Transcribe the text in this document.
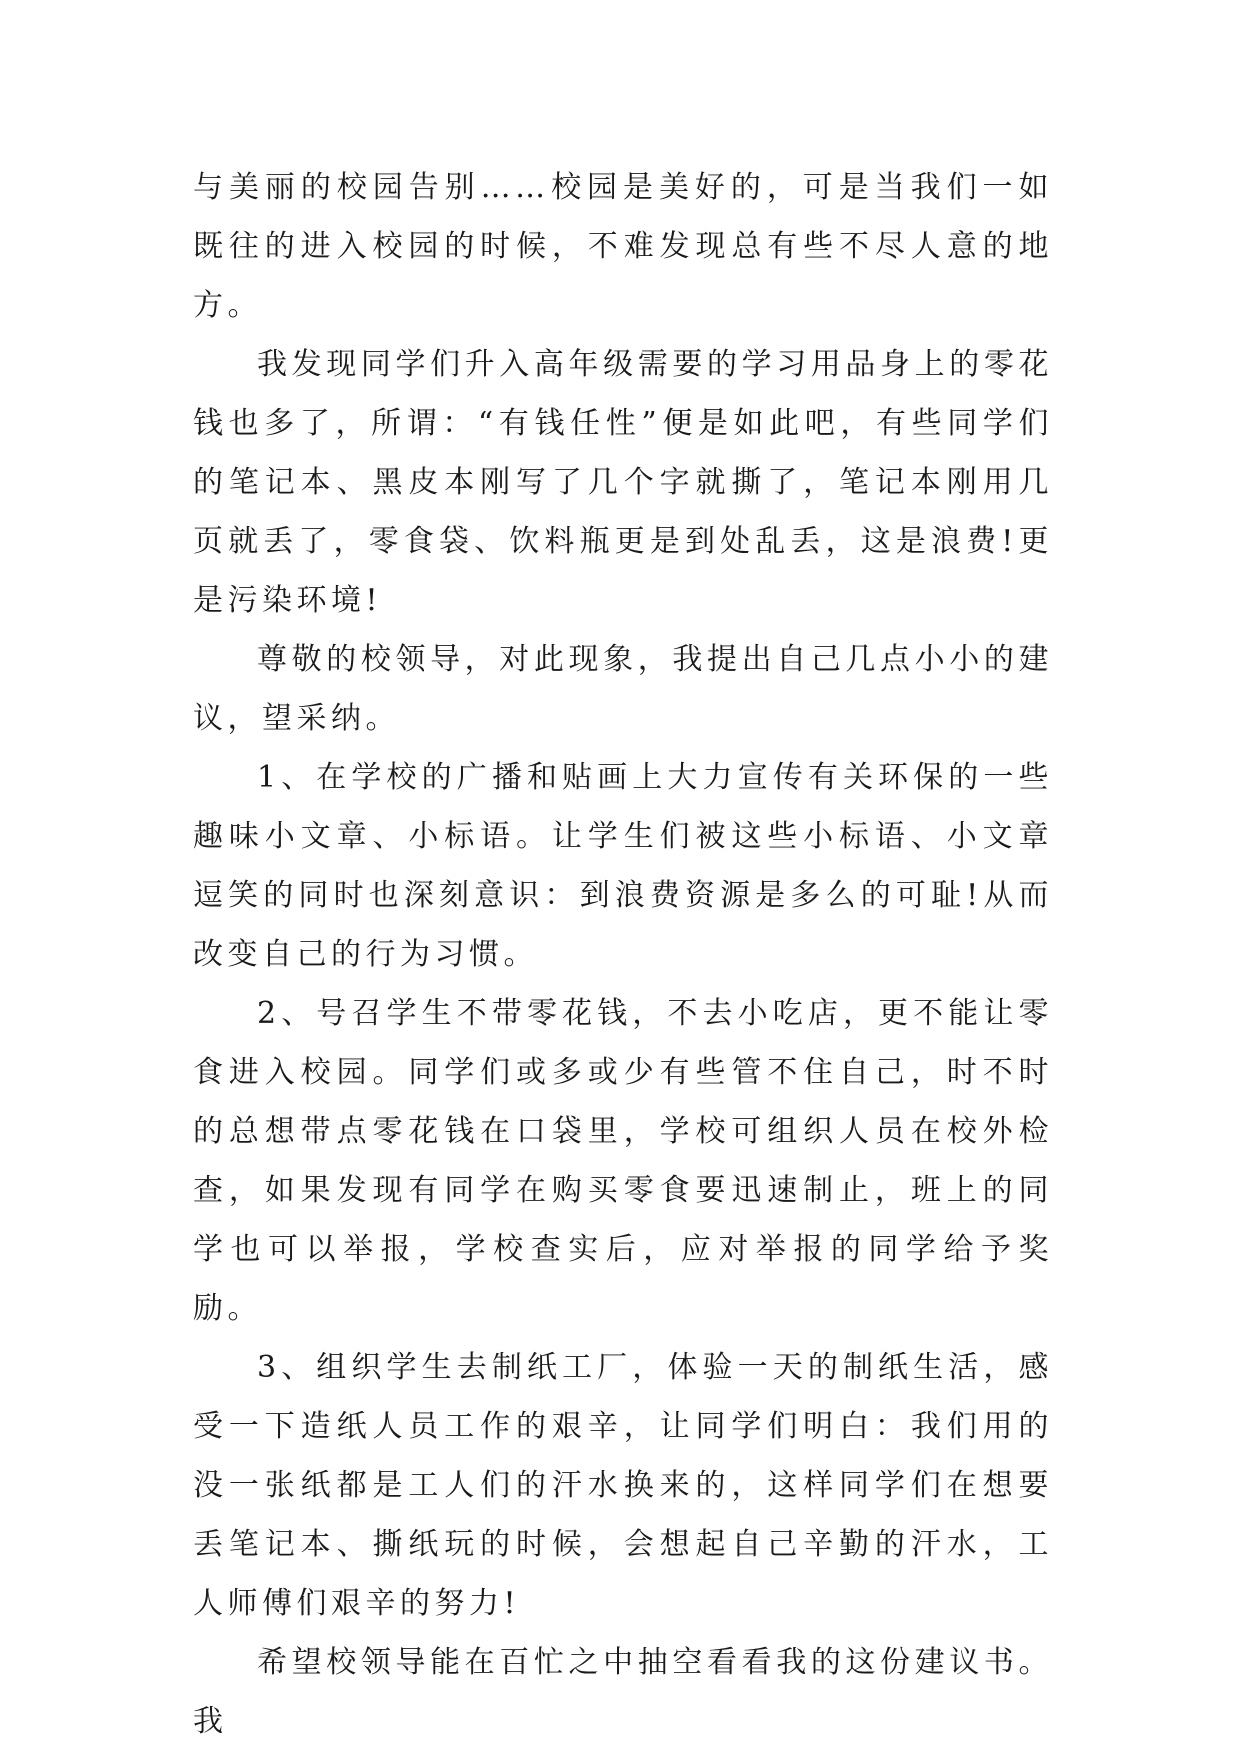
与美丽的校园告别……校园是美好的，可是当我们一如既往的进入校园的时候，不难发现总有些不尽人意的地方。

我发现同学们升入高年级需要的学习用品身上的零花钱也多了，所谓：“有钱任性”便是如此吧，有些同学们的笔记本、黑皮本刚写了几个字就撕了，笔记本刚用几页就丢了，零食袋、饮料瓶更是到处乱丢，这是浪费!更是污染环境!

尊敬的校领导，对此现象，我提出自己几点小小的建议，望采纳。

1、在学校的广播和贴画上大力宣传有关环保的一些趣味小文章、小标语。让学生们被这些小标语、小文章逗笑的同时也深刻意识：到浪费资源是多么的可耻!从而改变自己的行为习惯。

2、号召学生不带零花钱，不去小吃店，更不能让零食进入校园。同学们或多或少有些管不住自己，时不时的总想带点零花钱在口袋里，学校可组织人员在校外检查，如果发现有同学在购买零食要迅速制止，班上的同学也可以举报，学校查实后，应对举报的同学给予奖励。

3、组织学生去制纸工厂，体验一天的制纸生活，感受一下造纸人员工作的艰辛，让同学们明白：我们用的没一张纸都是工人们的汗水换来的，这样同学们在想要丢笔记本、撕纸玩的时候，会想起自己辛勤的汗水，工人师傅们艰辛的努力!

希望校领导能在百忙之中抽空看看我的这份建议书。我
